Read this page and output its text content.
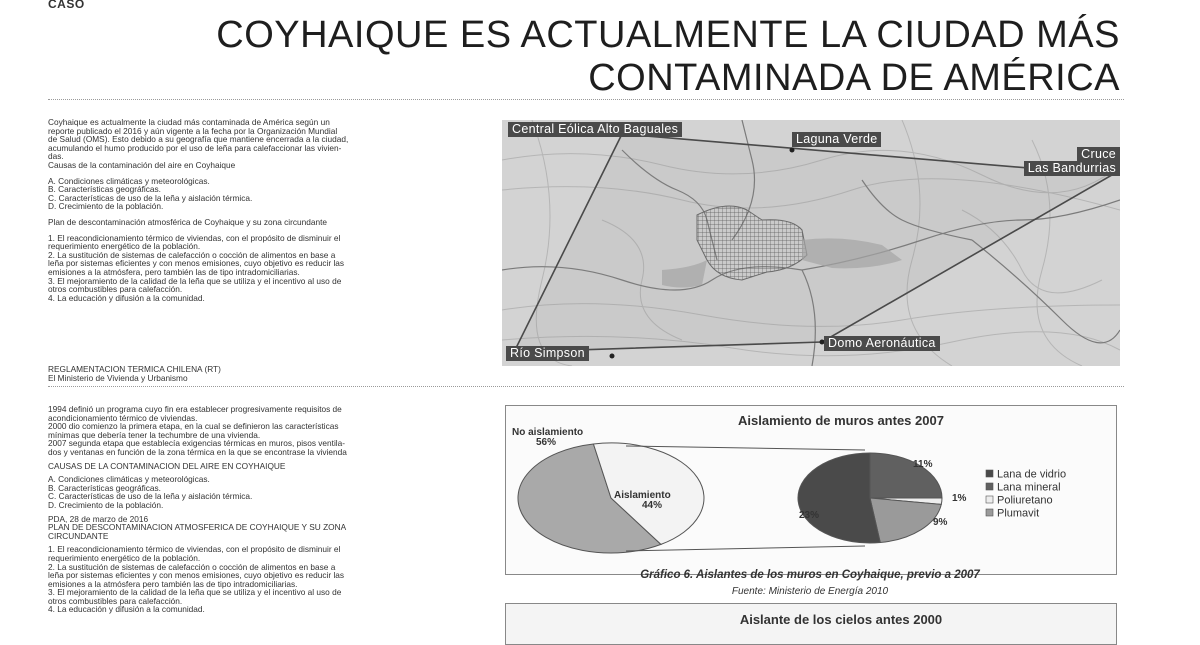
CASO
COYHAIQUE ES ACTUALMENTE LA CIUDAD MÁS
CONTAMINADA DE AMÉRICA

Coyhaique es actualmente la ciudad más contaminada de América según un
reporte publicado el 2016 y aún vigente a la fecha por la Organización Mundial
de Salud (OMS). Esto debido a su geografía que mantiene encerrada a la ciudad,
acumulando el humo producido por el uso de leña para calefaccionar las vivien-
das.

Causas de la contaminación del aire en Coyhaique

A. Condiciones climáticas y meteorológicas.
B. Características geográficas.
C. Características de uso de la leña y aislación térmica.
D. Crecimiento de la población.

Plan de descontaminación atmosférica de Coyhaique y su zona circundante

1. El reacondicionamiento térmico de viviendas, con el propósito de disminuir el
requerimiento energético de la población.
2. La sustitución de sistemas de calefacción o cocción de alimentos en base a
leña por sistemas eficientes y con menos emisiones, cuyo objetivo es reducir las
emisiones a la atmósfera, pero también las de tipo intradomiciliarias.
3. El mejoramiento de la calidad de la leña que se utiliza y el incentivo al uso de
otros combustibles para calefacción.
4. La educación y difusión a la comunidad.

REGLAMENTACION TERMICA CHILENA (RT)

El Ministerio de Vivienda y Urbanismo

1994 definió un programa cuyo fin era establecer progresivamente requisitos de
acondicionamiento térmico de viviendas.
2000 dio comienzo la primera etapa, en la cual se definieron las características
mínimas que debería tener la techumbre de una vivienda.
2007 segunda etapa que establecía exigencias térmicas en muros, pisos ventila-
dos y ventanas en función de la zona térmica en la que se encontrase la vivienda

CAUSAS DE LA CONTAMINACION DEL AIRE EN COYHAIQUE

A. Condiciones climáticas y meteorológicas.
B. Características geográficas.
C. Características de uso de la leña y aislación térmica.
D. Crecimiento de la población.

PDA, 28 de marzo de 2016

PLAN DE DESCONTAMINACION ATMOSFERICA DE COYHAIQUE Y SU ZONA
CIRCUNDANTE

1. El reacondicionamiento térmico de viviendas, con el propósito de disminuir el
requerimiento energético de la población.
2. La sustitución de sistemas de calefacción o cocción de alimentos en base a
leña por sistemas eficientes y con menos emisiones, cuyo objetivo es reducir las
emisiones a la atmósfera pero también las de tipo intradomiciliarias.
3. El mejoramiento de la calidad de la leña que se utiliza y el incentivo al uso de
otros combustibles para calefacción.
4. La educación y difusión a la comunidad.

Central Eólica Alto Baguales
Laguna Verde
Cruce
Las Bandurrias
Río Simpson
Domo Aeronáutica
Aislamiento de muros antes 2007
No aislamiento
56%
Aislamiento
44%
23%
11%
1%
9%
Lana de vidrio
Lana mineral
Poliuretano
Plumavit
Gráfico 6. Aislantes de los muros en Coyhaique, previo a 2007
Fuente: Ministerio de Energía 2010
Aislante de los cielos antes 2000
